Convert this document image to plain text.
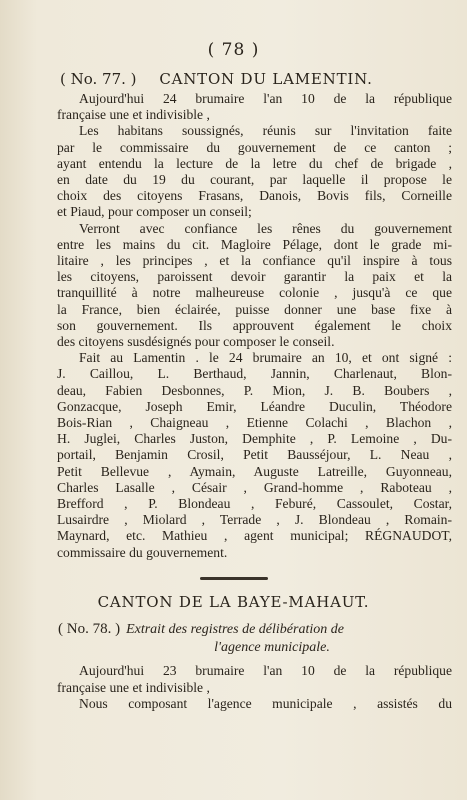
( 78 )
( No. 77. ) CANTON DU LAMENTIN.
Aujourd'hui 24 brumaire l'an 10 de la république
française une et indivisible ,
Les habitans soussignés, réunis sur l'invitation faite
par le commissaire du gouvernement de ce canton ;
ayant entendu la lecture de la letre du chef de brigade ,
en date du 19 du courant, par laquelle il propose le
choix des citoyens Frasans, Danois, Bovis fils, Corneille
et Piaud, pour composer un conseil;
Verront avec confiance les rênes du gouvernement
entre les mains du cit. Magloire Pélage, dont le grade mi-
litaire , les principes , et la confiance qu'il inspire à tous
les citoyens, paroissent devoir garantir la paix et la
tranquillité à notre malheureuse colonie , jusqu'à ce que
la France, bien éclairée, puisse donner une base fixe à
son gouvernement. Ils approuvent également le choix
des citoyens susdésignés pour composer le conseil.
Fait au Lamentin . le 24 brumaire an 10, et ont signé :
J. Caillou, L. Berthaud, Jannin, Charlenaut, Blon-
deau, Fabien Desbonnes, P. Mion, J. B. Boubers ,
Gonzacque, Joseph Emir, Léandre Duculin, Théodore
Bois-Rian , Chaigneau , Etienne Colachi , Blachon ,
H. Juglei, Charles Juston, Demphite , P. Lemoine , Du-
portail, Benjamin Crosil, Petit Bausséjour, L. Neau ,
Petit Bellevue , Aymain, Auguste Latreille, Guyonneau,
Charles Lasalle , Césair , Grand-homme , Raboteau ,
Brefford , P. Blondeau , Feburé, Cassoulet, Costar,
Lusairdre , Miolard , Terrade , J. Blondeau , Romain-
Maynard, etc. Mathieu , agent municipal; RÉGNAUDOT,
commissaire du gouvernement.
CANTON DE LA BAYE-MAHAUT.
( No. 78. ) Extrait des registres de délibération de
l'agence municipale.
Aujourd'hui 23 brumaire l'an 10 de la république
française une et indivisible ,
Nous composant l'agence municipale , assistés du
